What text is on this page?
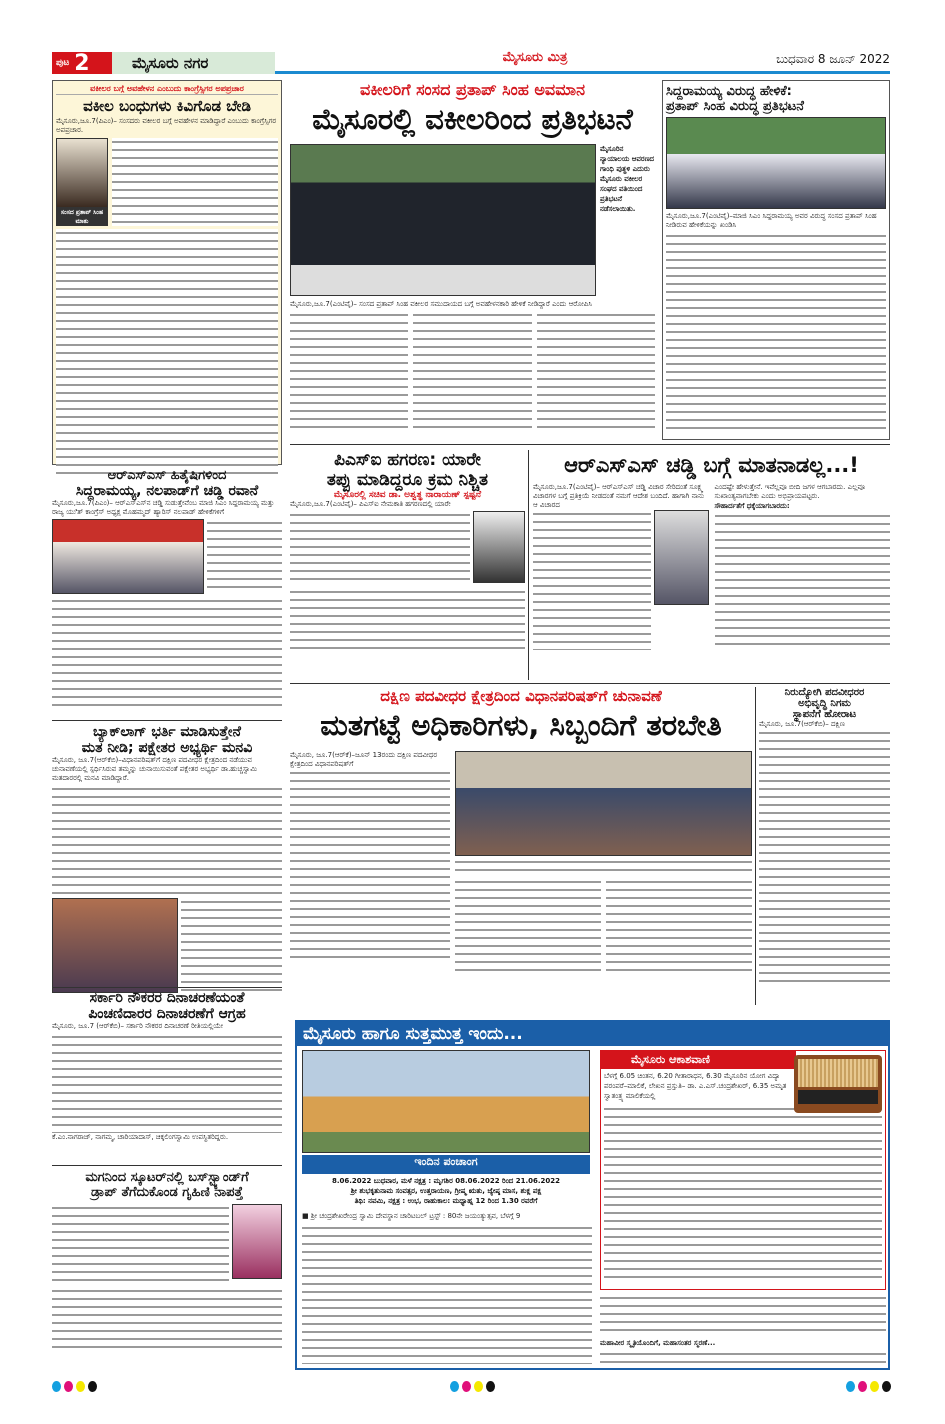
ಪುಟ 2	ಮೈಸೂರು ನಗರ	ಮೈಸೂರು ಮಿತ್ರ	ಬುಧವಾರ 8 ಜೂನ್ 2022
ವಕೀಲರ ಬಗ್ಗೆ ಅವಹೇಳನ ಎಂಬುದು ಕಾಂಗ್ರೆಸ್ಸಿಗರ ಅಪಪ್ರಚಾರ
ವಕೀಲ ಬಂಧುಗಳು ಕಿವಿಗೊಡ ಬೇಡಿ
ಮೈಸೂರು,ಜೂ.7(ಪಿಎಂ)– ಸಂಸದರು ವಕೀಲರ ಬಗ್ಗೆ ಅವಹೇಳನ ಮಾಡಿದ್ದಾರೆ ಎಂಬುದು ಕಾಂಗ್ರೆಸ್ಸಿಗರ ಅಪಪ್ರಚಾರ.
ಸಂಸದ ಪ್ರತಾಪ್ ಸಿಂಹ ಮಾತು
ಆರ್‌ಎಸ್‌ಎಸ್ ಹಿತೈಷಿಗಳಿಂದ
ಸಿದ್ದರಾಮಯ್ಯ, ನಲಪಾಡ್‌ಗೆ ಚಡ್ಡಿ ರವಾನೆ
ಮೈಸೂರು,ಜೂ.7(ಪಿಎಂ)– ಆರ್‌ಎಸ್‌ಎಸ್‌ನ ಚಡ್ಡಿ ಸುಡುತ್ತೇವೆಂಬ ಮಾಜಿ ಸಿಎಂ ಸಿದ್ದರಾಮಯ್ಯ ಮತ್ತು ರಾಜ್ಯ ಯುಿತ್ ಕಾಂಗ್ರೆಸ್ ಅಧ್ಯಕ್ಷ ಮೊಹಮ್ಮದ್ ಹ್ಯಾರಿಸ್ ನಲಪಾಡ್ ಹೇಳಿಕೆಗಳಿಗೆ
ಬ್ಯಾಕ್‌ಲಾಗ್ ಭರ್ತಿ ಮಾಡಿಸುತ್ತೇನೆ
ಮತ ನೀಡಿ; ಪಕ್ಷೇತರ ಅಭ್ಯರ್ಥಿ ಮನವಿ
ಮೈಸೂರು, ಜೂ.7(ಆರ್‌ಕೆಬಿ)–ವಿಧಾನಪರಿಷತ್‌ಗೆ ದಕ್ಷಿಣ ಪದವೀಧರ ಕ್ಷೇತ್ರದಿಂದ ನಡೆಯುವ ಚುನಾವಣೆಯಲ್ಲಿ ಸ್ಪರ್ಧಿಸಿರುವ ತಮ್ಮನ್ನು ಚುನಾಯಿಸುವಂತೆ ಪಕ್ಷೇತರ ಅಭ್ಯರ್ಥಿ ಡಾ.ಹುಚ್ಚಸ್ವಾಮಿ ಮತದಾರರಲ್ಲಿ ಮನವಿ ಮಾಡಿದ್ದಾರೆ.
ಸರ್ಕಾರಿ ನೌಕರರ ದಿನಾಚರಣೆಯಂತೆ
ಪಿಂಚಣಿದಾರರ ದಿನಾಚರಣೆಗೆ ಆಗ್ರಹ
ಮೈಸೂರು, ಜೂ.7 (ಆರ್‌ಕೆಬಿ)– ಸರ್ಕಾರಿ ನೌಕರರ ದಿನಾಚರಣೆ ರೀತಿಯಲ್ಲಿಯೇ
ಕೆ.ಎಂ.ನಾಗರಾಜ್, ನಾಗಮ್ಮ, ಚಾರಿಯಾದಾಸ್, ಚಿಕ್ಕಲಿಂಗಸ್ವಾಮಿ ಉಪಸ್ಥಿತರಿದ್ದರು.
ಮಗನಿಂದ ಸ್ಕೂಟರ್‌ನಲ್ಲಿ ಬಸ್‌ಸ್ಟ್ಯಾಂಡ್‌ಗೆ
ಡ್ರಾಪ್ ತೆಗೆದುಕೊಂಡ ಗೃಹಿಣಿ ನಾಪತ್ತೆ
ವಕೀಲರಿಗೆ ಸಂಸದ ಪ್ರತಾಪ್ ಸಿಂಹ ಅವಮಾನ
ಮೈಸೂರಲ್ಲಿ ವಕೀಲರಿಂದ ಪ್ರತಿಭಟನೆ
ಮೈಸೂರಿನ ನ್ಯಾಯಾಲಯ ಆವರಣದ ಗಾಂಧಿ ಪುತ್ಥಳಿ ಎದುರು ಮೈಸೂರು ವಕೀಲರ ಸಂಘದ ವತಿಯಿಂದ ಪ್ರತಿಭಟನೆ ನಡೆಸಲಾಯಿತು.
ಮೈಸೂರು,ಜೂ.7(ಎಂಟಿವೈ)– ಸಂಸದ ಪ್ರತಾಪ್ ಸಿಂಹ ವಕೀಲರ ಸಮುದಾಯದ ಬಗ್ಗೆ ಅವಹೇಳನಕಾರಿ ಹೇಳಿಕೆ ನೀಡಿದ್ದಾರೆ ಎಂದು ಆರೋಪಿಸಿ
ಸಿದ್ದರಾಮಯ್ಯ ವಿರುದ್ಧ ಹೇಳಿಕೆ:
ಪ್ರತಾಪ್ ಸಿಂಹ ವಿರುದ್ಧ ಪ್ರತಿಭಟನೆ
ಮೈಸೂರು,ಜೂ.7(ಎಂಟಿವೈ)–ಮಾಜಿ ಸಿಎಂ ಸಿದ್ದರಾಮಯ್ಯ ಅವರ ವಿರುದ್ಧ ಸಂಸದ ಪ್ರತಾಪ್ ಸಿಂಹ ನೀಡಿರುವ ಹೇಳಿಕೆಯನ್ನು ಖಂಡಿಸಿ
ಪಿಎಸ್‌ಐ ಹಗರಣ: ಯಾರೇ
ತಪ್ಪು ಮಾಡಿದ್ದರೂ ಕ್ರಮ ನಿಶ್ಚಿತ
ಮೈಸೂರಲ್ಲಿ ಸಚಿವ ಡಾ. ಅಶ್ವತ್ಥ ನಾರಾಯಣ್ ಸ್ಪಷ್ಟನೆ
ಮೈಸೂರು,ಜೂ.7(ಎಂಟಿವೈ)– ಪಿಎಸ್‌ಐ ನೇಮಕಾತಿ ಹಗರಣದಲ್ಲಿ ಯಾರೇ
ಆರ್‌ಎಸ್‌ಎಸ್ ಚಡ್ಡಿ ಬಗ್ಗೆ ಮಾತನಾಡಲ್ಲ...!
ಮೈಸೂರು,ಜೂ.7(ಎಂಟಿವೈ)– ಆರ್‌ಎಸ್‌ಎಸ್ ಚಡ್ಡಿ ವಿಚಾರ ಸೇರಿದಂತೆ ಸೂಕ್ಷ್ಮ ವಿಚಾರಗಳ ಬಗ್ಗೆ ಪ್ರತಿಕ್ರಿಯೆ ನೀಡದಂತೆ ನಮಗೆ ಆದೇಶ ಬಂದಿದೆ. ಹಾಗಾಗಿ ನಾನು ಆ ವಿಚಾರದ
ಎಂದಷ್ಟೇ ಹೇಳುತ್ತೇನೆ. ಇವೆಲ್ಲವೂ ಬೀದಿ ಜಗಳ ಆಗಬಾರದು. ಎಲ್ಲವೂ ಸುಖಾಂತ್ಯವಾಗಬೇಕು ಎಂದು ಅಭಿಪ್ರಾಯಪಟ್ಟರು.
ಸೌಹಾರ್ದತೆಗೆ ಧಕ್ಕೆಯಾಗಬಾರದು:
ದಕ್ಷಿಣ ಪದವೀಧರ ಕ್ಷೇತ್ರದಿಂದ ವಿಧಾನಪರಿಷತ್‌ಗೆ ಚುನಾವಣೆ
ಮತಗಟ್ಟೆ ಅಧಿಕಾರಿಗಳು, ಸಿಬ್ಬಂದಿಗೆ ತರಬೇತಿ
ಮೈಸೂರು, ಜೂ.7(ಆರ್‌ಕೆ)–ಜೂನ್ 13ರಂದು ದಕ್ಷಿಣ ಪದವೀಧರ ಕ್ಷೇತ್ರದಿಂದ ವಿಧಾನಪರಿಷತ್‌ಗೆ
ನಿರುದ್ಯೋಗಿ ಪದವೀಧರರ
ಅಭಿವೃದ್ಧಿ ನಿಗಮ
ಸ್ಥಾಪನೆಗೆ ಹೋರಾಟ
ಮೈಸೂರು, ಜೂ.7(ಆರ್‌ಕೆಬಿ)– ದಕ್ಷಿಣ
ಮೈಸೂರು ಹಾಗೂ ಸುತ್ತಮುತ್ತ ಇಂದು...
ಇಂದಿನ ಪಂಚಾಂಗ
8.06.2022 ಬುಧವಾರ, ಮಳೆ ನಕ್ಷತ್ರ : ಮೃಗಶಿರ 08.06.2022 ರಿಂದ 21.06.2022
ಶ್ರೀ ಶುಭಕೃತುನಾಮ ಸಂವತ್ಸರ, ಉತ್ತರಾಯಣ, ಗ್ರೀಷ್ಮ ಋತು, ಜ್ಯೇಷ್ಠ ಮಾಸ, ಶುಕ್ಲ ಪಕ್ಷ
ತಿಥಿ: ನವಮಿ, ನಕ್ಷತ್ರ : ಉಭ, ರಾಹುಕಾಲ: ಮಧ್ಯಾಹ್ನ 12 ರಿಂದ 1.30 ರವರೆಗೆ
■ ಶ್ರೀ ಚಂದ್ರಶೇಖರೇಂದ್ರ ಸ್ವಾಮಿ ದೇವಸ್ಥಾನ ಚಾರಿಟಬಲ್ ಟ್ರಸ್ಟ್ : 80ನೇ ಜಯಂತ್ಯುತ್ಸವ, ಬೆಳಗ್ಗೆ 9
ಮೈಸೂರು ಆಕಾಶವಾಣಿ
ಬೆಳಗ್ಗೆ 6.05 ಚಿಂತನ, 6.20 ಗೀತಾರಾಧನ, 6.30 ಮೈಸೂರಿನ ಯೋಗ ವಿದ್ಯಾ ಪರಂಪರೆ–ಮಾಲಿಕೆ, ಲೇಖನ ಪ್ರಸ್ತುತಿ– ಡಾ. ಎ.ಎಸ್.ಚಂದ್ರಶೇಖರ್, 6.35 ಅಮೃತ ಸ್ವಾತಂತ್ರ್ಯ ಮಾಲಿಕೆಯಲ್ಲಿ
ಮಹಾವೀರ ಸ್ಮೃತಿಯೊಂದಿಗೆ, ಮಹಾಸಂತರ ಸ್ಮರಣೆ...
